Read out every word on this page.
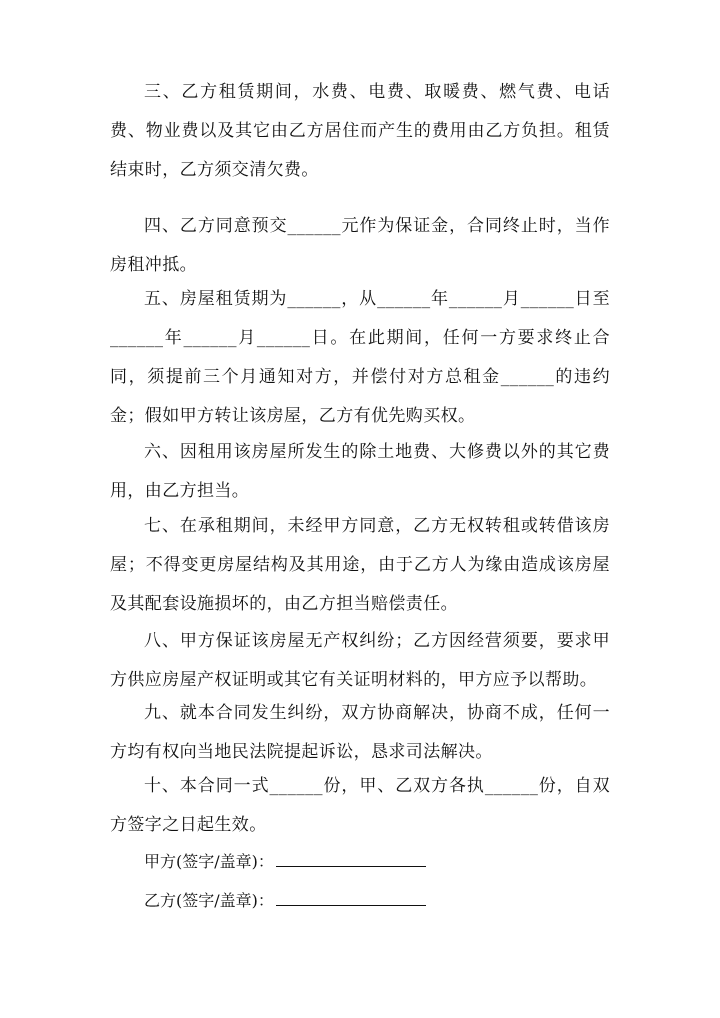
三、乙方租赁期间，水费、电费、取暖费、燃气费、电话费、物业费以及其它由乙方居住而产生的费用由乙方负担。租赁结束时，乙方须交清欠费。

四、乙方同意预交______元作为保证金，合同终止时，当作房租冲抵。

五、房屋租赁期为______，从______年______月______日至______年______月______日。在此期间，任何一方要求终止合同，须提前三个月通知对方，并偿付对方总租金______的违约金；假如甲方转让该房屋，乙方有优先购买权。

六、因租用该房屋所发生的除土地费、大修费以外的其它费用，由乙方担当。

七、在承租期间，未经甲方同意，乙方无权转租或转借该房屋；不得变更房屋结构及其用途，由于乙方人为缘由造成该房屋及其配套设施损坏的，由乙方担当赔偿责任。

八、甲方保证该房屋无产权纠纷；乙方因经营须要，要求甲方供应房屋产权证明或其它有关证明材料的，甲方应予以帮助。

九、就本合同发生纠纷，双方协商解决，协商不成，任何一方均有权向当地民法院提起诉讼，恳求司法解决。

十、本合同一式______份，甲、乙双方各执______份，自双方签字之日起生效。

甲方(签字/盖章)：
乙方(签字/盖章)：
